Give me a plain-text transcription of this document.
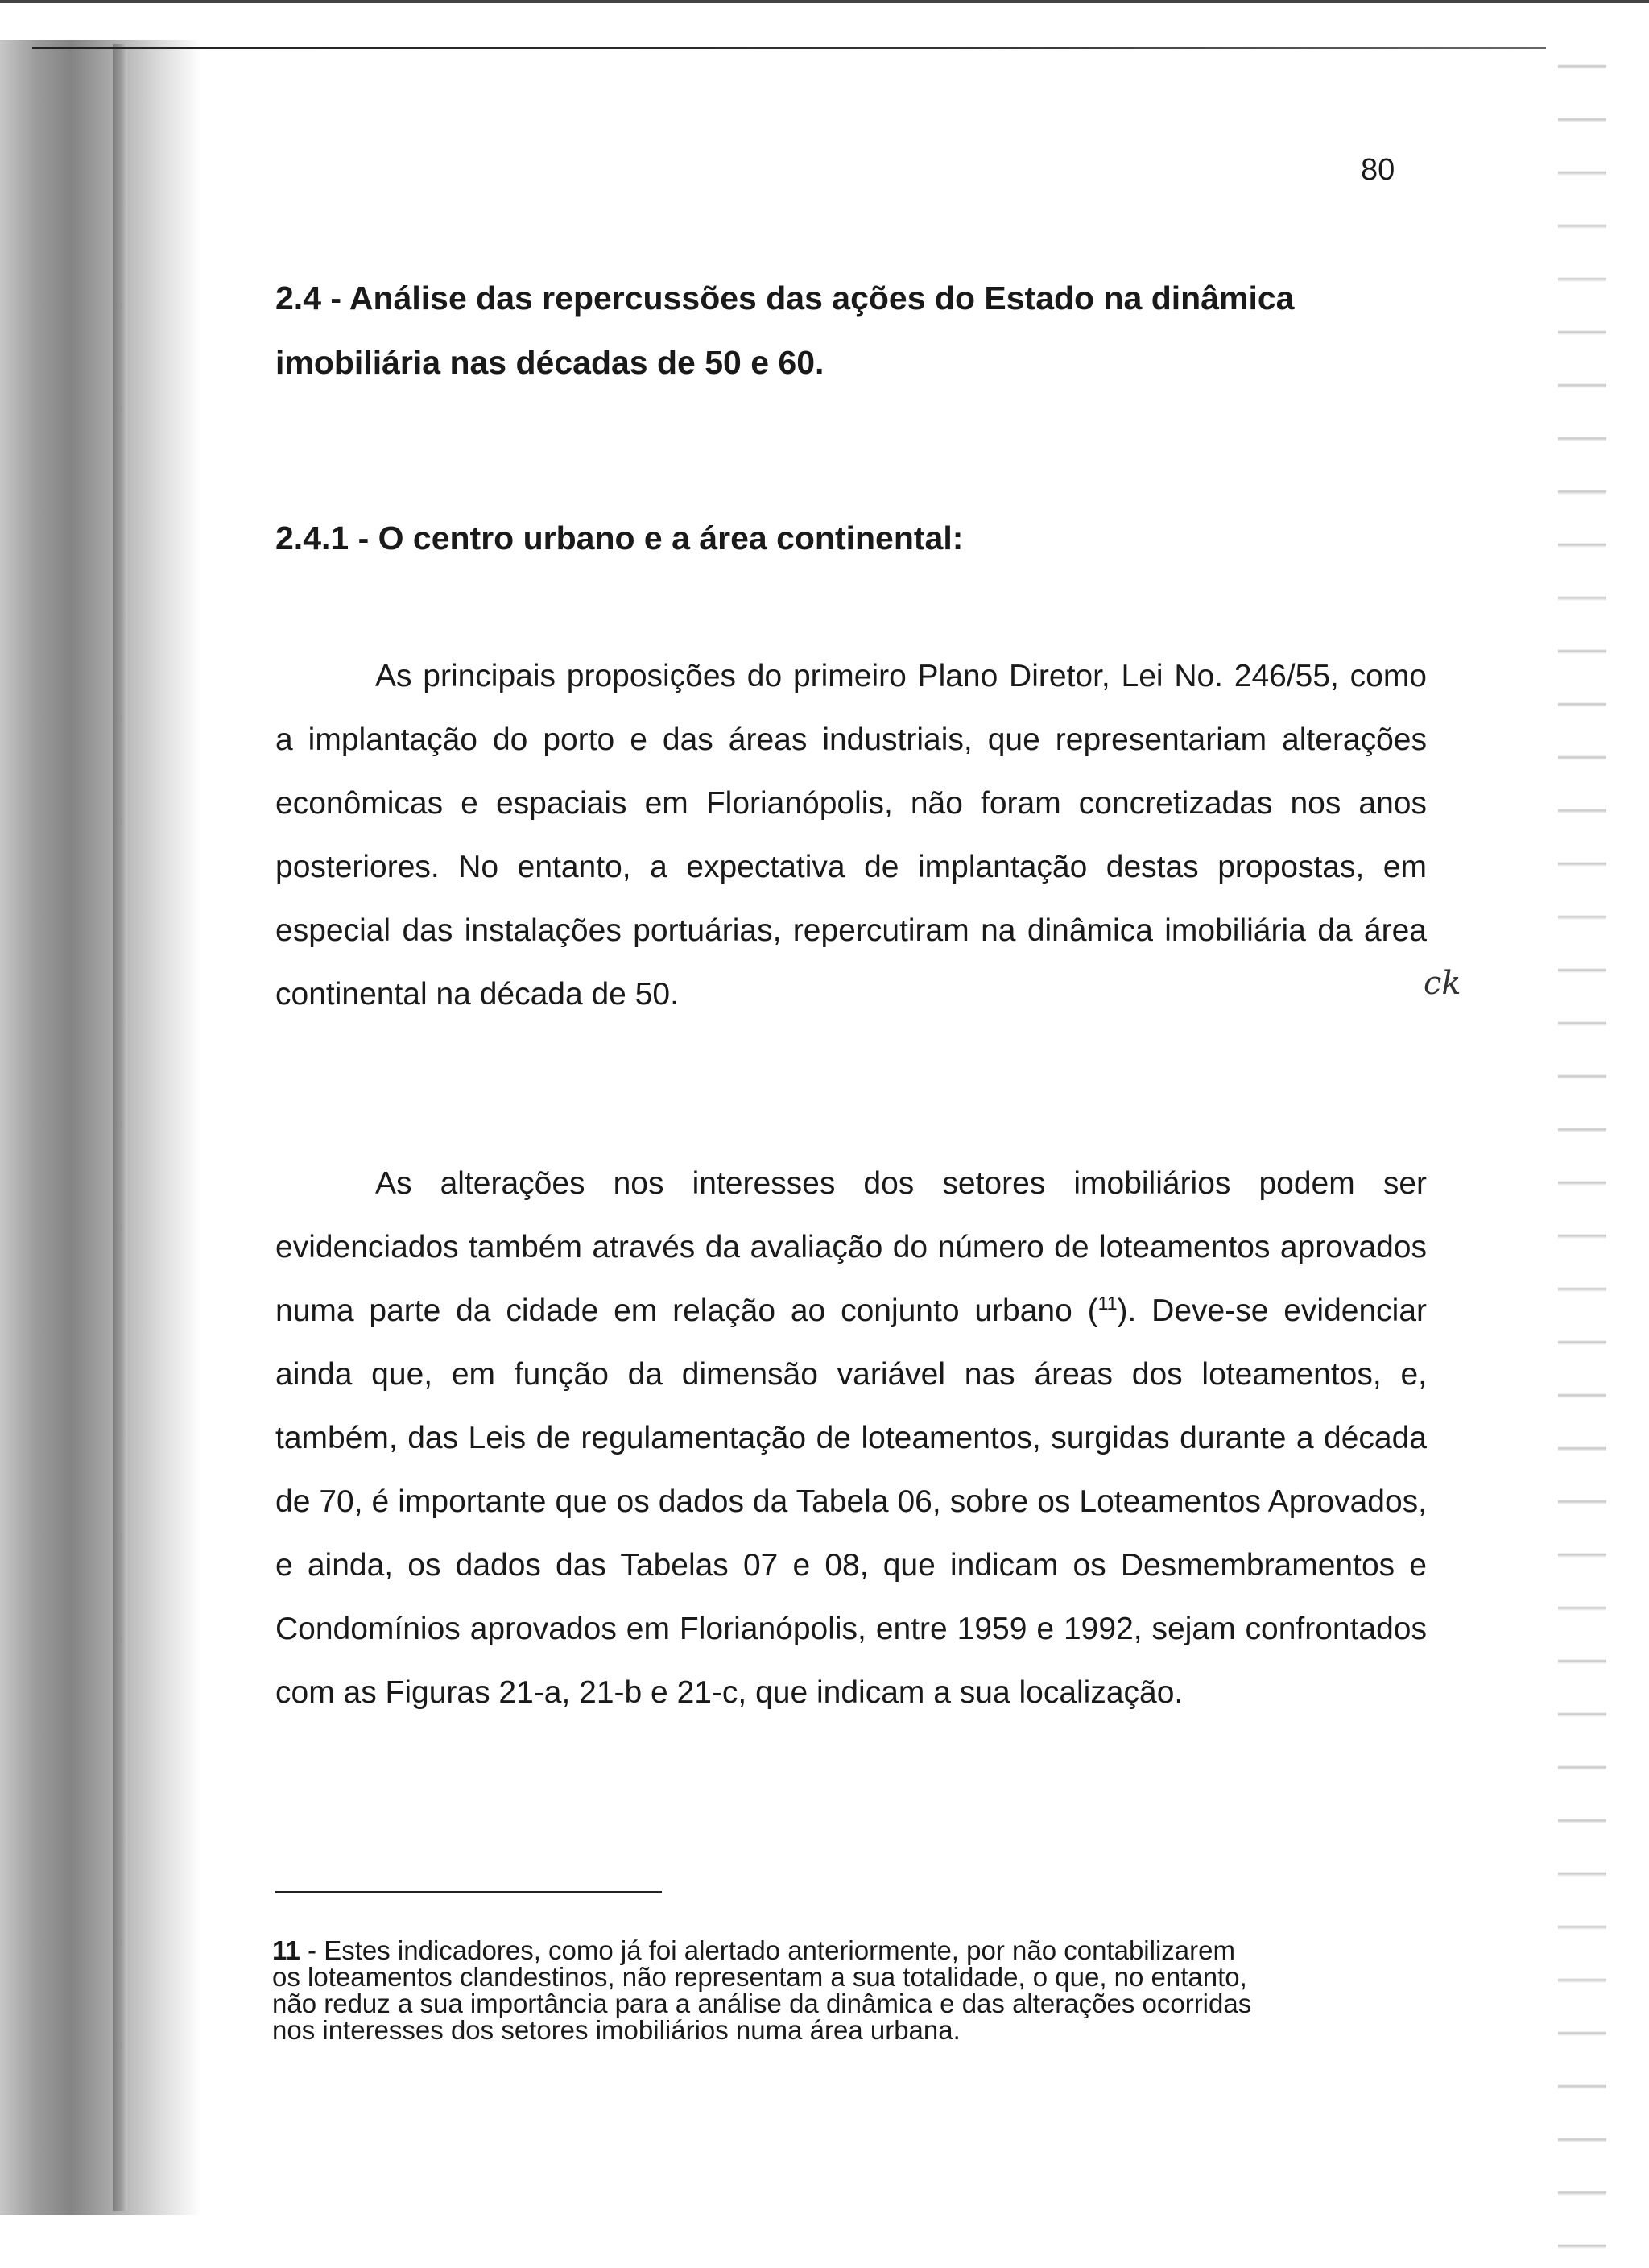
80
2.4 - Análise das repercussões das ações do Estado na dinâmica imobiliária nas décadas de 50 e 60.
2.4.1 - O centro urbano e a área continental:
As principais proposições do primeiro Plano Diretor, Lei No. 246/55, como a implantação do porto e das áreas industriais, que representariam alterações econômicas e espaciais em Florianópolis, não foram concretizadas nos anos posteriores. No entanto, a expectativa de implantação destas propostas, em especial das instalações portuárias, repercutiram na dinâmica imobiliária da área continental na década de 50.
As alterações nos interesses dos setores imobiliários podem ser evidenciados também através da avaliação do número de loteamentos aprovados numa parte da cidade em relação ao conjunto urbano ($^{11}$). Deve-se evidenciar ainda que, em função da dimensão variável nas áreas dos loteamentos, e, também, das Leis de regulamentação de loteamentos, surgidas durante a década de 70, é importante que os dados da Tabela 06, sobre os Loteamentos Aprovados, e ainda, os dados das Tabelas 07 e 08, que indicam os Desmembramentos e Condomínios aprovados em Florianópolis, entre 1959 e 1992, sejam confrontados com as Figuras 21-a, 21-b e 21-c, que indicam a sua localização.
ck
11 - Estes indicadores, como já foi alertado anteriormente, por não contabilizarem os loteamentos clandestinos, não representam a sua totalidade, o que, no entanto, não reduz a sua importância para a análise da dinâmica e das alterações ocorridas nos interesses dos setores imobiliários numa área urbana.
